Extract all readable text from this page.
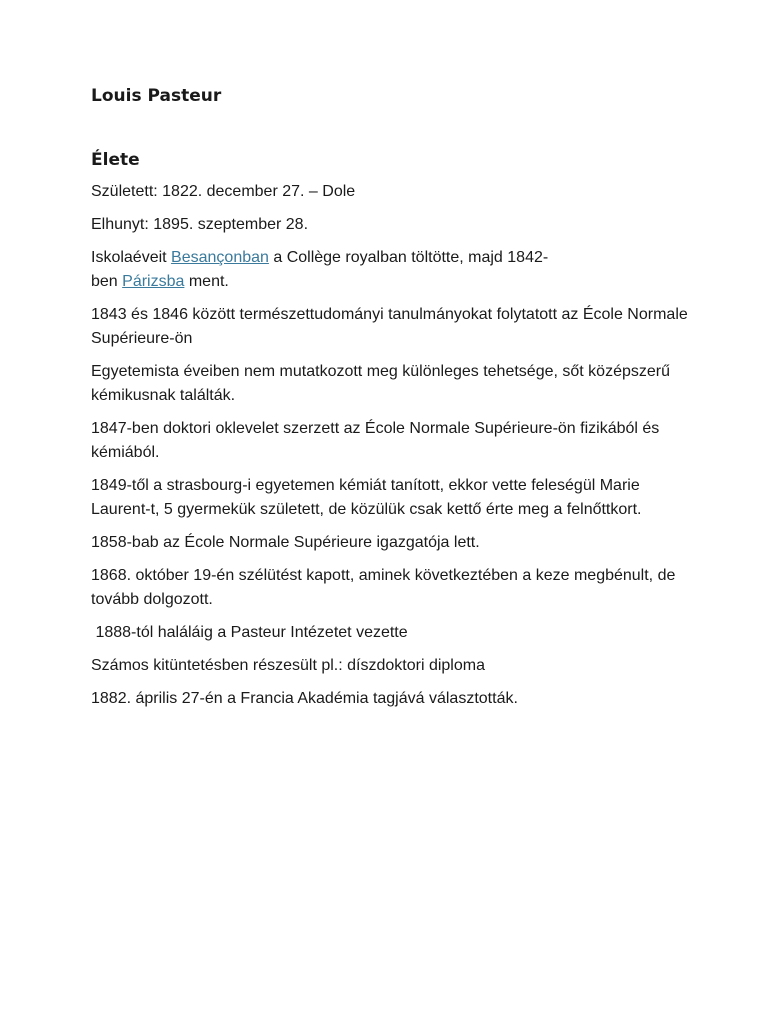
Louis Pasteur
Élete

Született: 1822. december 27. – Dole

Elhunyt: 1895. szeptember 28.

Iskolaéveit Besançonban a Collège royalban töltötte, majd 1842-
ben Párizsba ment.

1843 és 1846 között természettudományi tanulmányokat folytatott az École Normale Supérieure-ön

Egyetemista éveiben nem mutatkozott meg különleges tehetsége, sőt középszerű kémikusnak találták.

1847-ben doktori oklevelet szerzett az École Normale Supérieure-ön fizikából és kémiából.

1849-től a strasbourg-i egyetemen kémiát tanított, ekkor vette feleségül Marie Laurent-t, 5 gyermekük született, de közülük csak kettő érte meg a felnőttkort.

1858-bab az École Normale Supérieure igazgatója lett.

1868. október 19-én szélütést kapott, aminek következtében a keze megbénult, de tovább dolgozott.

1888-tól haláláig a Pasteur Intézetet vezette

Számos kitüntetésben részesült pl.: díszdoktori diploma

1882. április 27-én a Francia Akadémia tagjává választották.
